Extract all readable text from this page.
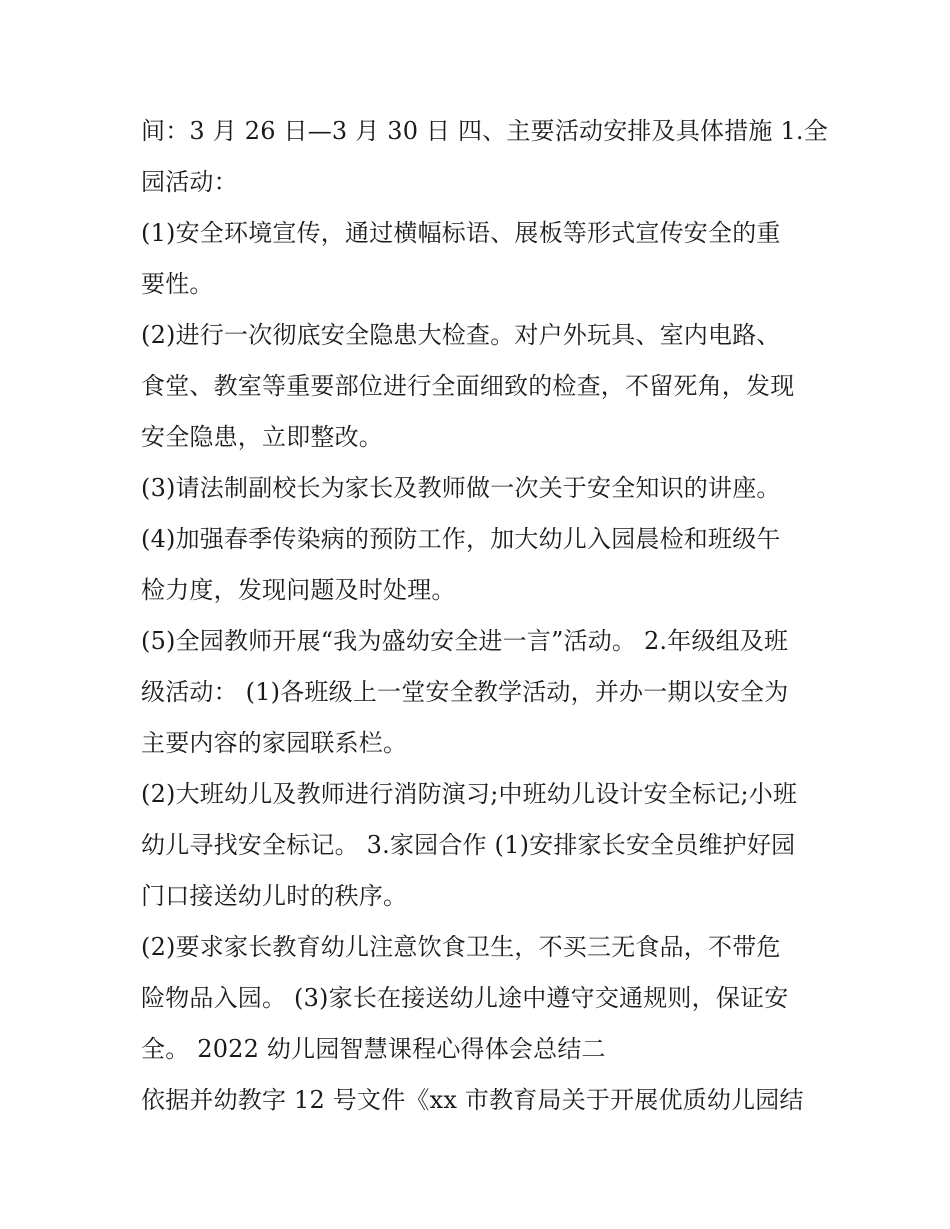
间：3 月 26 日—3 月 30 日 四、主要活动安排及具体措施 1.全
园活动：
(1)安全环境宣传，通过横幅标语、展板等形式宣传安全的重
要性。
(2)进行一次彻底安全隐患大检查。对户外玩具、室内电路、
食堂、教室等重要部位进行全面细致的检查，不留死角，发现
安全隐患，立即整改。
(3)请法制副校长为家长及教师做一次关于安全知识的讲座。
(4)加强春季传染病的预防工作，加大幼儿入园晨检和班级午
检力度，发现问题及时处理。
(5)全园教师开展“我为盛幼安全进一言”活动。 2.年级组及班
级活动： (1)各班级上一堂安全教学活动，并办一期以安全为
主要内容的家园联系栏。
(2)大班幼儿及教师进行消防演习;中班幼儿设计安全标记;小班
幼儿寻找安全标记。 3.家园合作 (1)安排家长安全员维护好园
门口接送幼儿时的秩序。
(2)要求家长教育幼儿注意饮食卫生，不买三无食品，不带危
险物品入园。 (3)家长在接送幼儿途中遵守交通规则，保证安
全。 2022 幼儿园智慧课程心得体会总结二
依据并幼教字 12 号文件《xx 市教育局关于开展优质幼儿园结
